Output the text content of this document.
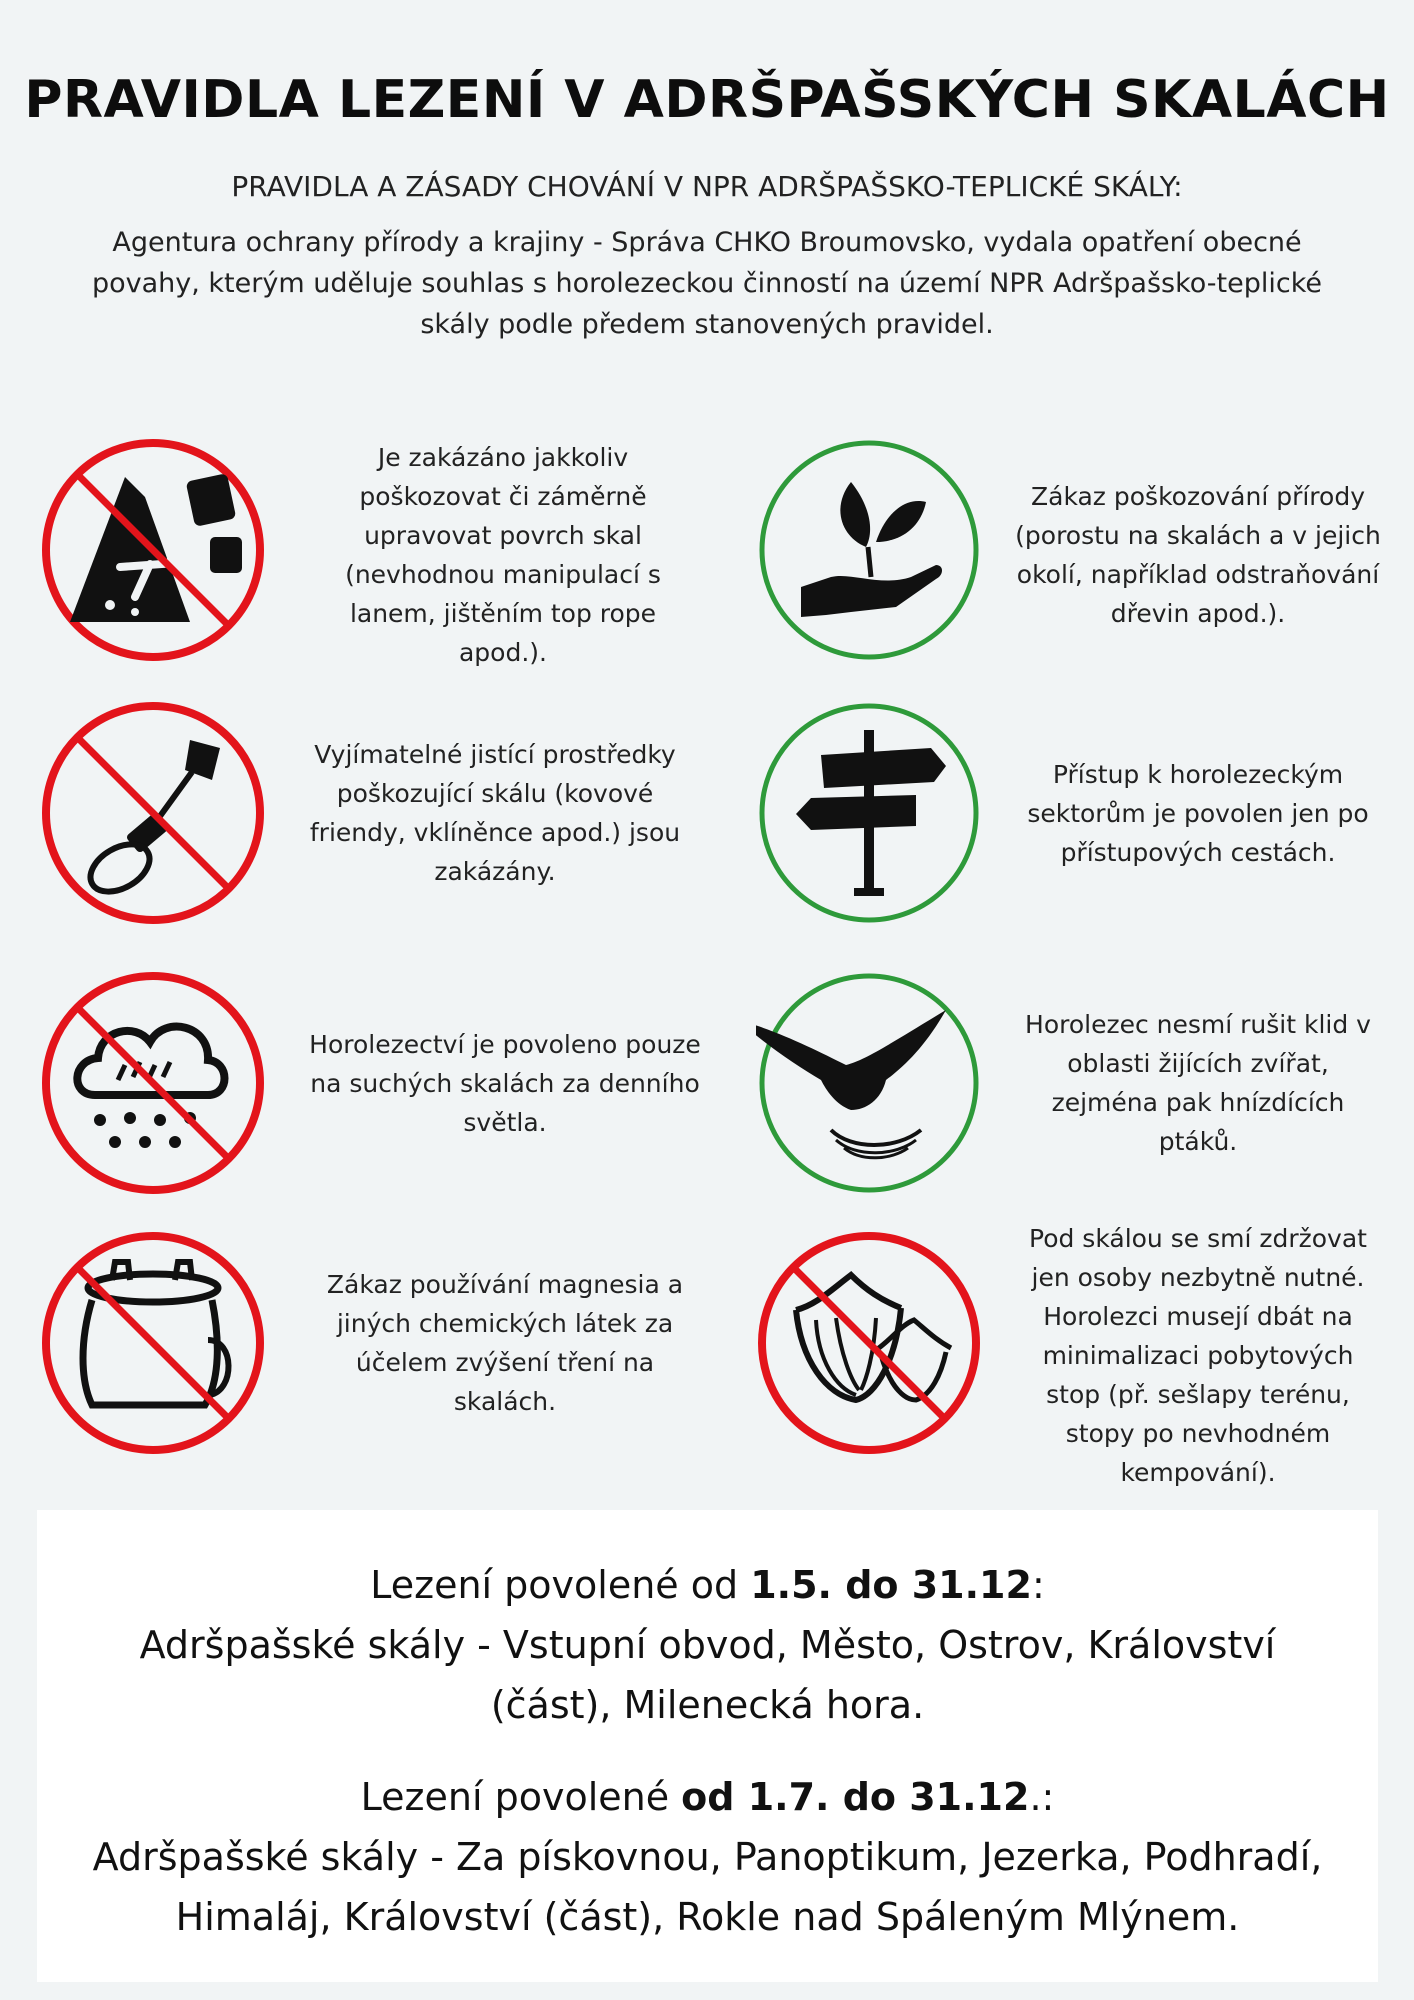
PRAVIDLA LEZENÍ V ADRŠPAŠSKÝCH SKALÁCH
PRAVIDLA A ZÁSADY CHOVÁNÍ V NPR ADRŠPAŠSKO-TEPLICKÉ SKÁLY:
Agentura ochrany přírody a krajiny - Správa CHKO Broumovsko, vydala opatření obecné povahy, kterým uděluje souhlas s horolezeckou činností na území NPR Adršpašsko-teplické skály podle předem stanovených pravidel.
Je zakázáno jakkoliv poškozovat či záměrně upravovat povrch skal (nevhodnou manipulací s lanem, jištěním top rope apod.).
Zákaz poškozování přírody (porostu na skalách a v jejich okolí, například odstraňování dřevin apod.).
Vyjímatelné jistící prostředky poškozující skálu (kovové friendy, vklíněnce apod.) jsou zakázány.
Přístup k horolezeckým sektorům je povolen jen po přístupových cestách.
Horolezectví je povoleno pouze na suchých skalách za denního světla.
Horolezec nesmí rušit klid v oblasti žijících zvířat, zejména pak hnízdících ptáků.
Zákaz používání magnesia a jiných chemických látek za účelem zvýšení tření na skalách.
Pod skálou se smí zdržovat jen osoby nezbytně nutné. Horolezci musejí dbát na minimalizaci pobytových stop (př. sešlapy terénu, stopy po nevhodném kempování).
Lezení povolené od 1.5. do 31.12:
Adršpašské skály - Vstupní obvod, Město, Ostrov, Království
(část), Milenecká hora.
Lezení povolené od 1.7. do 31.12.:
Adršpašské skály - Za pískovnou, Panoptikum, Jezerka, Podhradí,
Himaláj, Království (část), Rokle nad Spáleným Mlýnem.
